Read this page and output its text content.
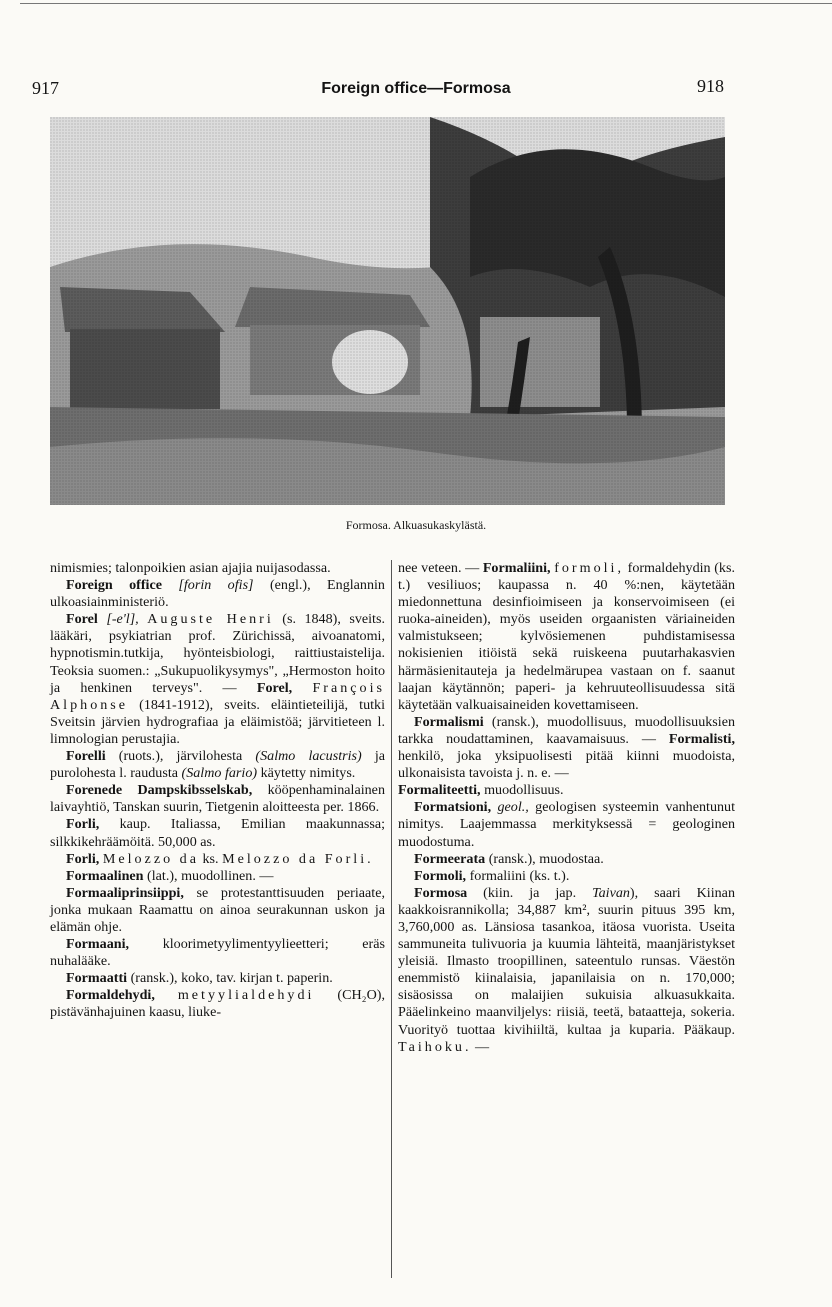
917	Foreign office—Formosa	918
Formosa. Alkuasukaskylästä.

nimismies; talonpoikien asian ajajia nuijasodassa.

Foreign office [forin ofis] (engl.), Englannin ulkoasiainministeriö.

Forel [-e'l], Auguste Henri (s. 1848), sveits. lääkäri, psykiatrian prof. Zürichissä, aivoanatomi, hypnotismin.tutkija, hyönteisbiologi, raittiustaistelija. Teoksia suomen.: „Sukupuolikysymys", „Hermoston hoito ja henkinen terveys". — Forel, François Alphonse (1841-1912), sveits. eläintieteilijä, tutki Sveitsin järvien hydrografiaa ja eläimistöä; järvitieteen l. limnologian perustajia.

Forelli (ruots.), järvilohesta (Salmo lacustris) ja purolohesta l. raudusta (Salmo fario) käytetty nimitys.

Forenede Dampskibsselskab, kööpenhaminalainen laivayhtiö, Tanskan suurin, Tietgenin aloitteesta per. 1866.

Forli, kaup. Italiassa, Emilian maakunnassa; silkkikehräämöitä. 50,000 as.

Forli, Melozzo da ks. Melozzo da Forli.

Formaalinen (lat.), muodollinen. —

Formaaliprinsiippi, se protestanttisuuden periaate, jonka mukaan Raamattu on ainoa seurakunnan uskon ja elämän ohje.

Formaani, kloorimetyylimentyylieetteri; eräs nuhalääke.

Formaatti (ransk.), koko, tav. kirjan t. paperin.

Formaldehydi, metyylialdehydi (CH₂O), pistävänhajuinen kaasu, liuke-

nee veteen. — Formaliini, formoli, formaldehydin (ks. t.) vesiliuos; kaupassa n. 40 %:nen, käytetään miedonnettuna desinfioimiseen ja konservoimiseen (ei ruoka-aineiden), myös useiden orgaanisten väriaineiden valmistukseen; kylvösiemenen puhdistamisessa nokisienien itiöistä sekä ruiskeena puutarhakasvien härmäsienitauteja ja hedelmärupea vastaan on f. saanut laajan käytännön; paperi- ja kehruuteollisuudessa sitä käytetään valkuaisaineiden kovettamiseen.

Formalismi (ransk.), muodollisuus, muodollisuuksien tarkka noudattaminen, kaavamaisuus. — Formalisti, henkilö, joka yksipuolisesti pitää kiinni muodoista, ulkonaisista tavoista j. n. e. —

Formaliteetti, muodollisuus.

Formatsioni, geol., geologisen systeemin vanhentunut nimitys. Laajemmassa merkityksessä = geologinen muodostuma.

Formeerata (ransk.), muodostaa.

Formoli, formaliini (ks. t.).

Formosa (kiin. ja jap. Taivan), saari Kiinan kaakkoisrannikolla; 34,887 km², suurin pituus 395 km, 3,760,000 as. Länsiosa tasankoa, itäosa vuorista. Useita sammuneita tulivuoria ja kuumia lähteitä, maanjäristykset yleisiä. Ilmasto troopillinen, sateentulo runsas. Väestön enemmistö kiinalaisia, japanilaisia on n. 170,000; sisäosissa on malaijien sukuisia alkuasukkaita. Pääelinkeino maanviljelys: riisiä, teetä, bataatteja, sokeria. Vuorityö tuottaa kivihiiltä, kultaa ja kuparia. Pääkaup. Taihoku. —
